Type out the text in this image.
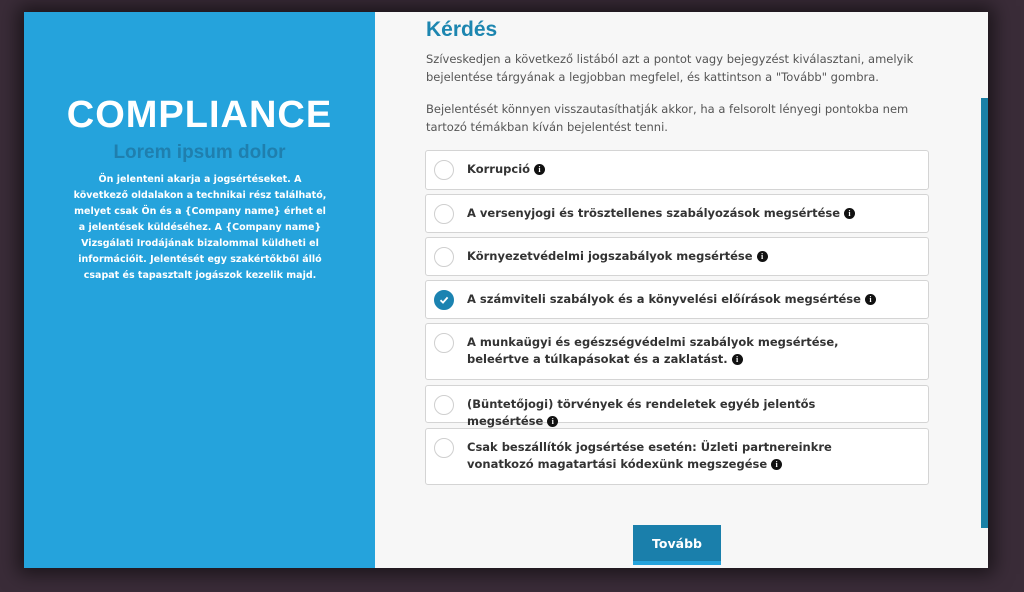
COMPLIANCE
Lorem ipsum dolor
Ön jelenteni akarja a jogsértéseket. A következő oldalakon a technikai rész található, melyet csak Ön és a {Company name} érhet el a jelentések küldéséhez. A {Company name} Vizsgálati Irodájának bizalommal küldheti el információit. Jelentését egy szakértőkből álló csapat és tapasztalt jogászok kezelik majd.
Kérdés
Szíveskedjen a következő listából azt a pontot vagy bejegyzést kiválasztani, amelyik bejelentése tárgyának a legjobban megfelel, és kattintson a "Tovább" gombra.
Bejelentését könnyen visszautasíthatják akkor, ha a felsorolt lényegi pontokba nem tartozó témákban kíván bejelentést tenni.
Korrupció i
A versenyjogi és trösztellenes szabályozások megsértése i
Környezetvédelmi jogszabályok megsértése i
A számviteli szabályok és a könyvelési előírások megsértése i
A munkaügyi és egészségvédelmi szabályok megsértése, beleértve a túlkapásokat és a zaklatást. i
(Büntetőjogi) törvények és rendeletek egyéb jelentős megsértése i
Csak beszállítók jogsértése esetén: Üzleti partnereinkre vonatkozó magatartási kódexünk megszegése i
Tovább
